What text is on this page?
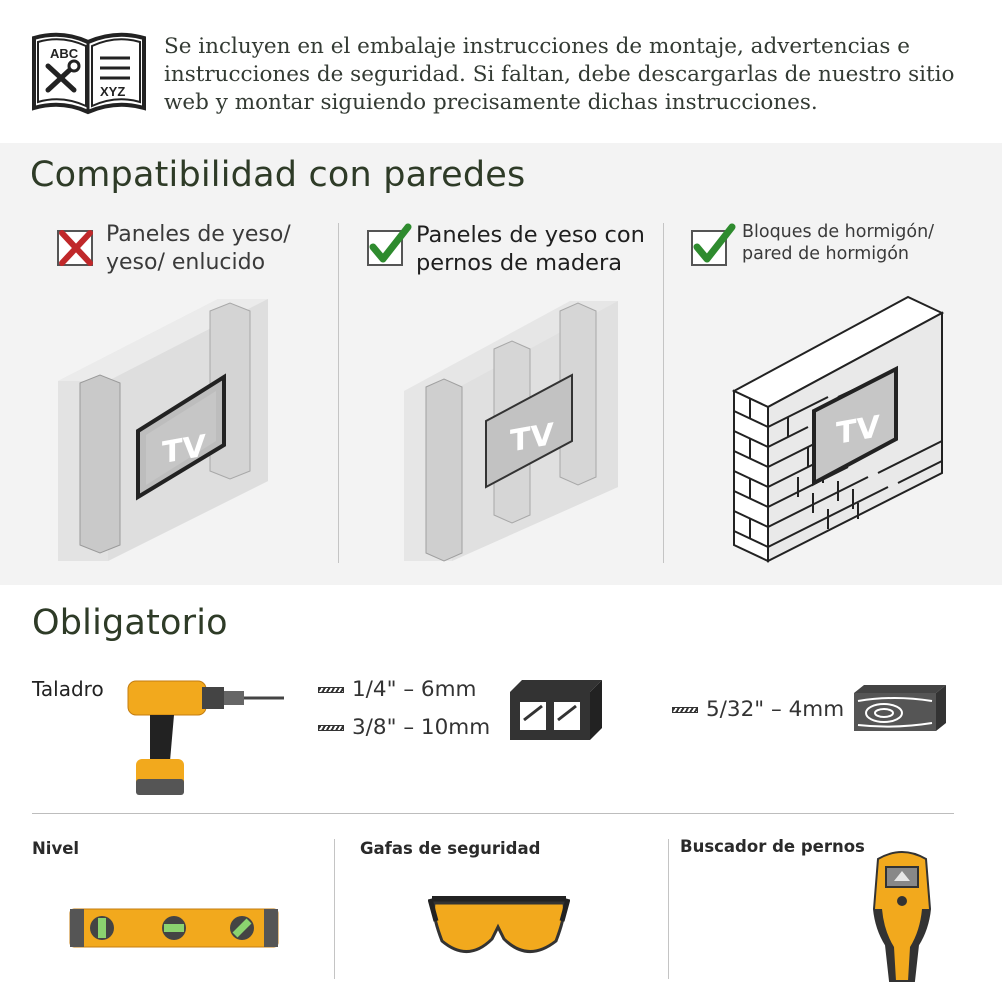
ABC
XYZ
Se incluyen en el embalaje instrucciones de montaje, advertencias e instrucciones de seguridad. Si faltan, debe descargarlas de nuestro sitio web y montar siguiendo precisamente dichas instrucciones.
Compatibilidad con paredes
Paneles de yeso/
yeso/ enlucido
Paneles de yeso con
pernos de madera
Bloques de hormigón/
pared de hormigón
TV	TV	TV
Obligatorio
Taladro	1/4" – 6mm
3/8" – 10mm
5/32" – 4mm
Nivel	Gafas de seguridad	Buscador de pernos
